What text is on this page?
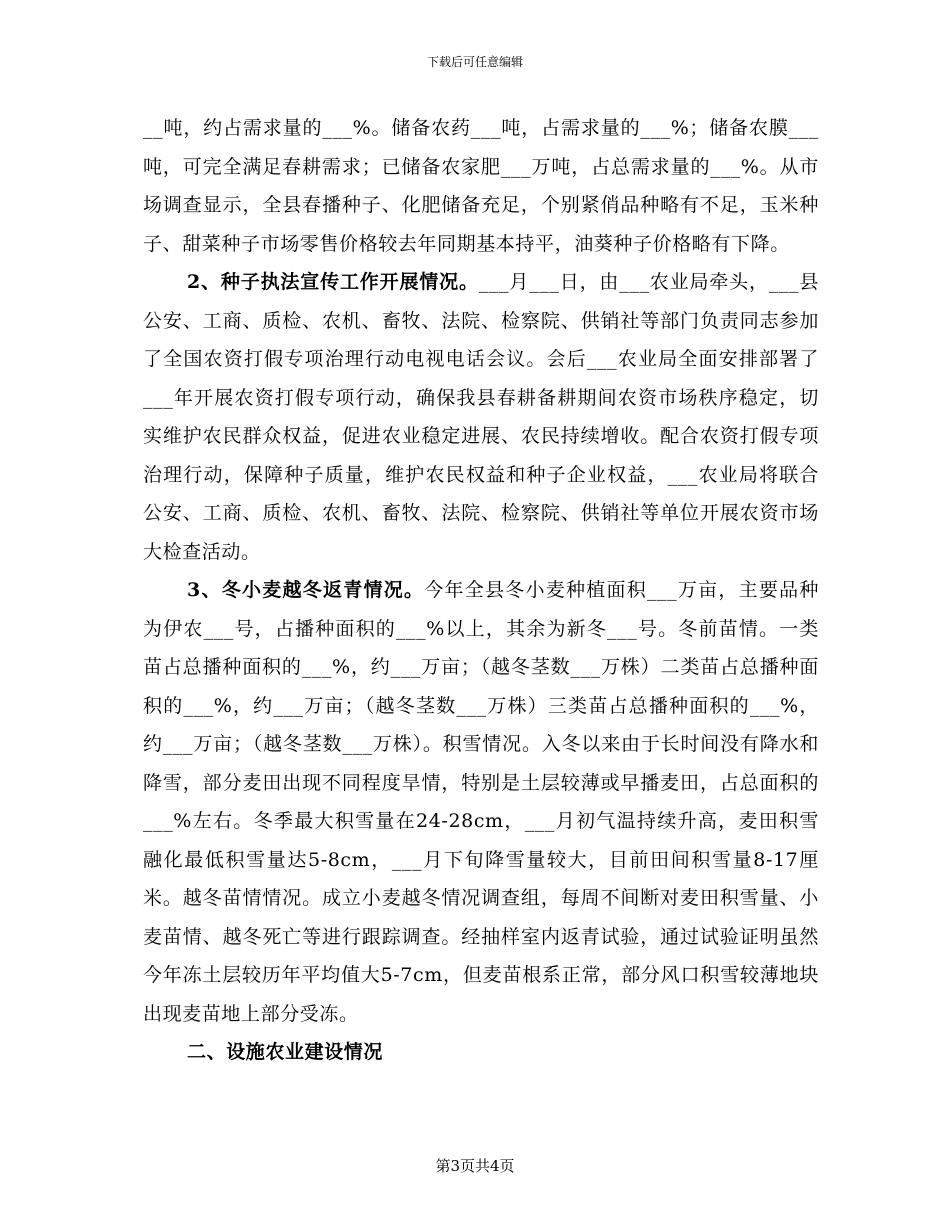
下载后可任意编辑

__吨，约占需求量的___%。储备农药___吨，占需求量的___%；储备农膜___吨，可完全满足春耕需求；已储备农家肥___万吨，占总需求量的___%。从市场调查显示，全县春播种子、化肥储备充足，个别紧俏品种略有不足，玉米种子、甜菜种子市场零售价格较去年同期基本持平，油葵种子价格略有下降。

2、种子执法宣传工作开展情况。___月___日，由___农业局牵头，___县公安、工商、质检、农机、畜牧、法院、检察院、供销社等部门负责同志参加了全国农资打假专项治理行动电视电话会议。会后___农业局全面安排部署了___年开展农资打假专项行动，确保我县春耕备耕期间农资市场秩序稳定，切实维护农民群众权益，促进农业稳定进展、农民持续增收。配合农资打假专项治理行动，保障种子质量，维护农民权益和种子企业权益，___农业局将联合公安、工商、质检、农机、畜牧、法院、检察院、供销社等单位开展农资市场大检查活动。

3、冬小麦越冬返青情况。今年全县冬小麦种植面积___万亩，主要品种为伊农___号，占播种面积的___%以上，其余为新冬___号。冬前苗情。一类苗占总播种面积的___%，约___万亩；（越冬茎数___万株）二类苗占总播种面积的___%，约___万亩；（越冬茎数___万株）三类苗占总播种面积的___%，约___万亩；（越冬茎数___万株）。积雪情况。入冬以来由于长时间没有降水和降雪，部分麦田出现不同程度旱情，特别是土层较薄或早播麦田，占总面积的___%左右。冬季最大积雪量在24-28cm，___月初气温持续升高，麦田积雪融化最低积雪量达5-8cm，___月下旬降雪量较大，目前田间积雪量8-17厘米。越冬苗情情况。成立小麦越冬情况调查组，每周不间断对麦田积雪量、小麦苗情、越冬死亡等进行跟踪调查。经抽样室内返青试验，通过试验证明虽然今年冻土层较历年平均值大5-7cm，但麦苗根系正常，部分风口积雪较薄地块出现麦苗地上部分受冻。

二、设施农业建设情况

第3页共4页
